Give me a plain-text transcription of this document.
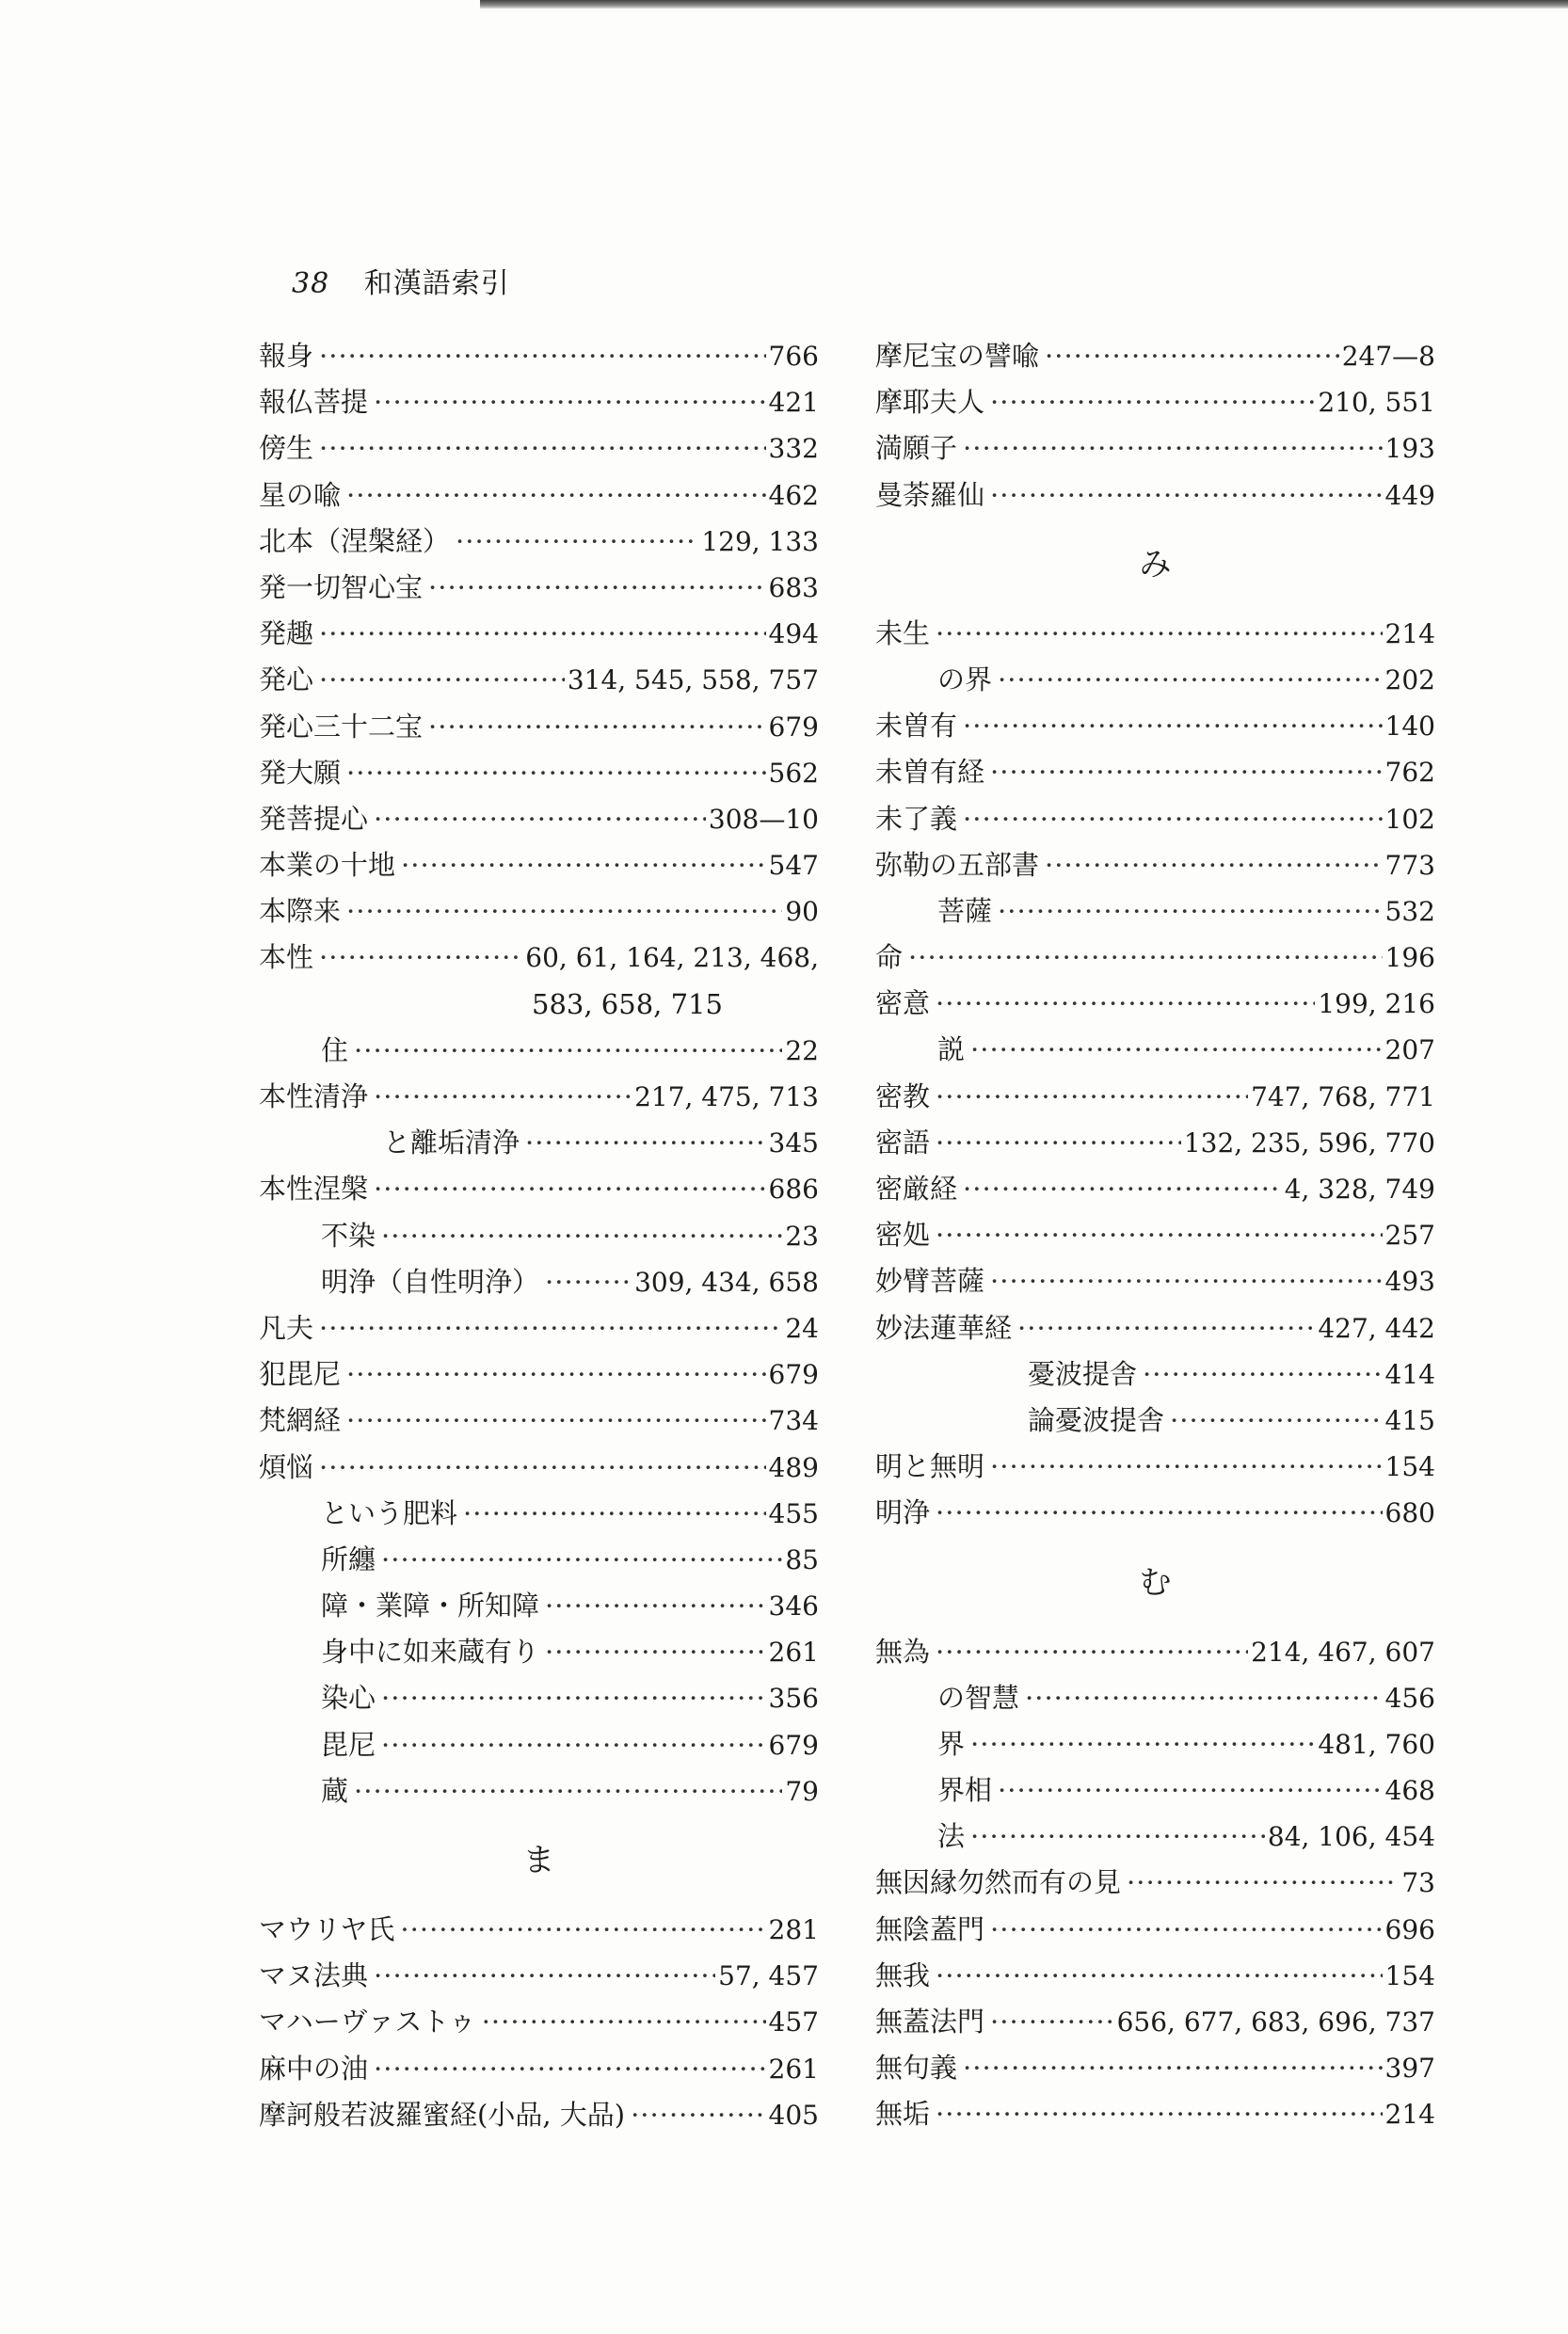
38 和漢語索引
報身 ·····	766
報仏菩提 ·····	421
傍生 ·····	332
星の喩 ·····	462
北本（涅槃経） ·····	129, 133
発一切智心宝 ·····	683
発趣 ·····	494
発心 ·····	314, 545, 558, 757
発心三十二宝 ·····	679
発大願 ·····	562
発菩提心 ·····	308—10
本業の十地 ·····	547
本際来 ·····	90
本性 ·····	60, 61, 164, 213, 468,
583, 658, 715
住 ·····	22
本性清浄 ·····	217, 475, 713
と離垢清浄 ·····	345
本性涅槃 ·····	686
不染 ·····	23
明浄（自性明浄） ·····	309, 434, 658
凡夫 ·····	24
犯毘尼 ·····	679
梵網経 ·····	734
煩悩 ·····	489
という肥料 ·····	455
所纏 ·····	85
障・業障・所知障 ·····	346
身中に如来蔵有り ·····	261
染心 ·····	356
毘尼 ·····	679
蔵 ·····	79
ま
マウリヤ氏 ·····	281
マヌ法典 ·····	57, 457
マハーヴァストゥ ·····	457
麻中の油 ·····	261
摩訶般若波羅蜜経(小品, 大品) ·····	405
摩尼宝の譬喩 ·····	247—8
摩耶夫人 ·····	210, 551
満願子 ·····	193
曼荼羅仙 ·····	449
み
未生 ·····	214
の界 ·····	202
未曽有 ·····	140
未曽有経 ·····	762
未了義 ·····	102
弥勒の五部書 ·····	773
菩薩 ·····	532
命 ·····	196
密意 ·····	199, 216
説 ·····	207
密教 ·····	747, 768, 771
密語 ·····	132, 235, 596, 770
密厳経 ·····	4, 328, 749
密処 ·····	257
妙臂菩薩 ·····	493
妙法蓮華経 ·····	427, 442
憂波提舎 ·····	414
論憂波提舎 ·····	415
明と無明 ·····	154
明浄 ·····	680
む
無為 ·····	214, 467, 607
の智慧 ·····	456
界 ·····	481, 760
界相 ·····	468
法 ·····	84, 106, 454
無因縁勿然而有の見 ·····	73
無陰蓋門 ·····	696
無我 ·····	154
無蓋法門 ·····	656, 677, 683, 696, 737
無句義 ·····	397
無垢 ·····	214
